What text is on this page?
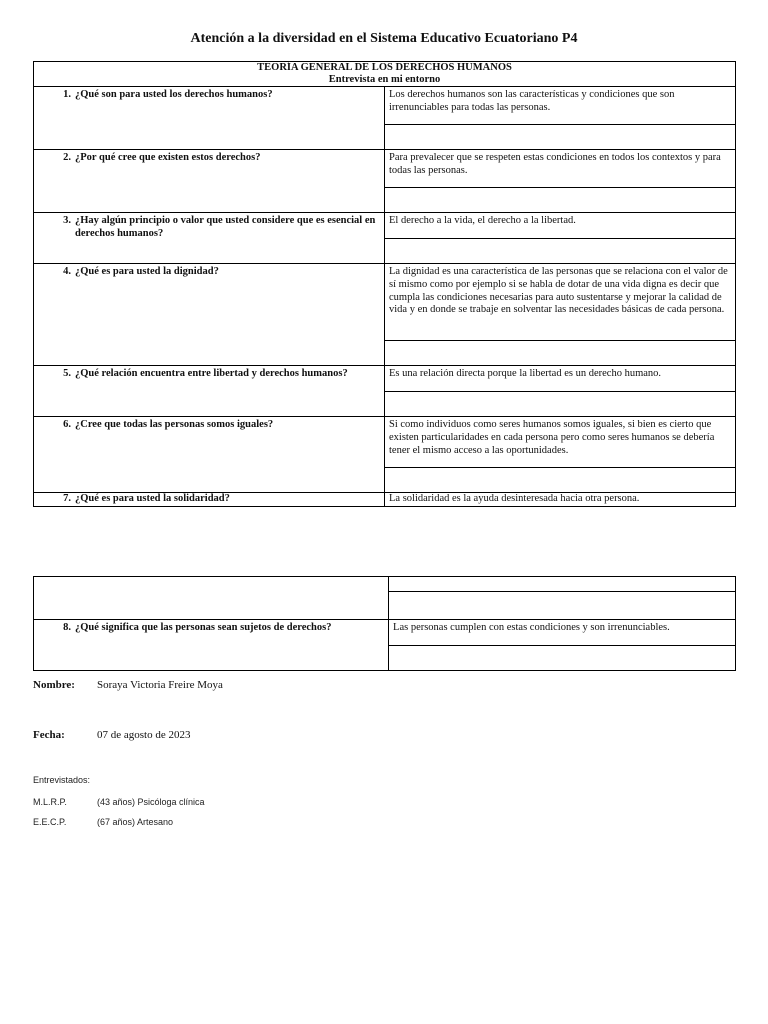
Atención a la diversidad en el Sistema Educativo Ecuatoriano P4
TEORÍA GENERAL DE LOS DERECHOS HUMANOS
Entrevista en mi entorno	

1. ¿Qué son para usted los derechos humanos?	Los derechos humanos son las características y condiciones que son irrenunciables para todas las personas.

2. ¿Por qué cree que existen estos derechos?	Para prevalecer que se respeten estas condiciones en todos los contextos y para todas las personas.

3. ¿Hay algún principio o valor que usted considere que es esencial en derechos humanos?	El derecho a la vida, el derecho a la libertad.

4. ¿Qué es para usted la dignidad?	La dignidad es una característica de las personas que se relaciona con el valor de sí mismo como por ejemplo si se habla de dotar de una vida digna es decir que cumpla las condiciones necesarias para auto sustentarse y mejorar la calidad de vida y en donde se trabaje en solventar las necesidades básicas de cada persona.

5. ¿Qué relación encuentra entre libertad y derechos humanos?	Es una relación directa porque la libertad es un derecho humano.

6. ¿Cree que todas las personas somos iguales?	Si como individuos como seres humanos somos iguales, si bien es cierto que existen particularidades en cada persona pero como seres humanos se debería tener el mismo acceso a las oportunidades.

7. ¿Qué es para usted la solidaridad?	La solidaridad es la ayuda desinteresada hacia otra persona.

8. ¿Qué significa que las personas sean sujetos de derechos?	Las personas cumplen con estas condiciones y son irrenunciables.

Nombre: Soraya Victoria Freire Moya
Fecha:	07 de agosto de 2023
Entrevistados:
M.L.R.P.	(43 años) Psicóloga clínica
E.E.C.P.	(67 años) Artesano
